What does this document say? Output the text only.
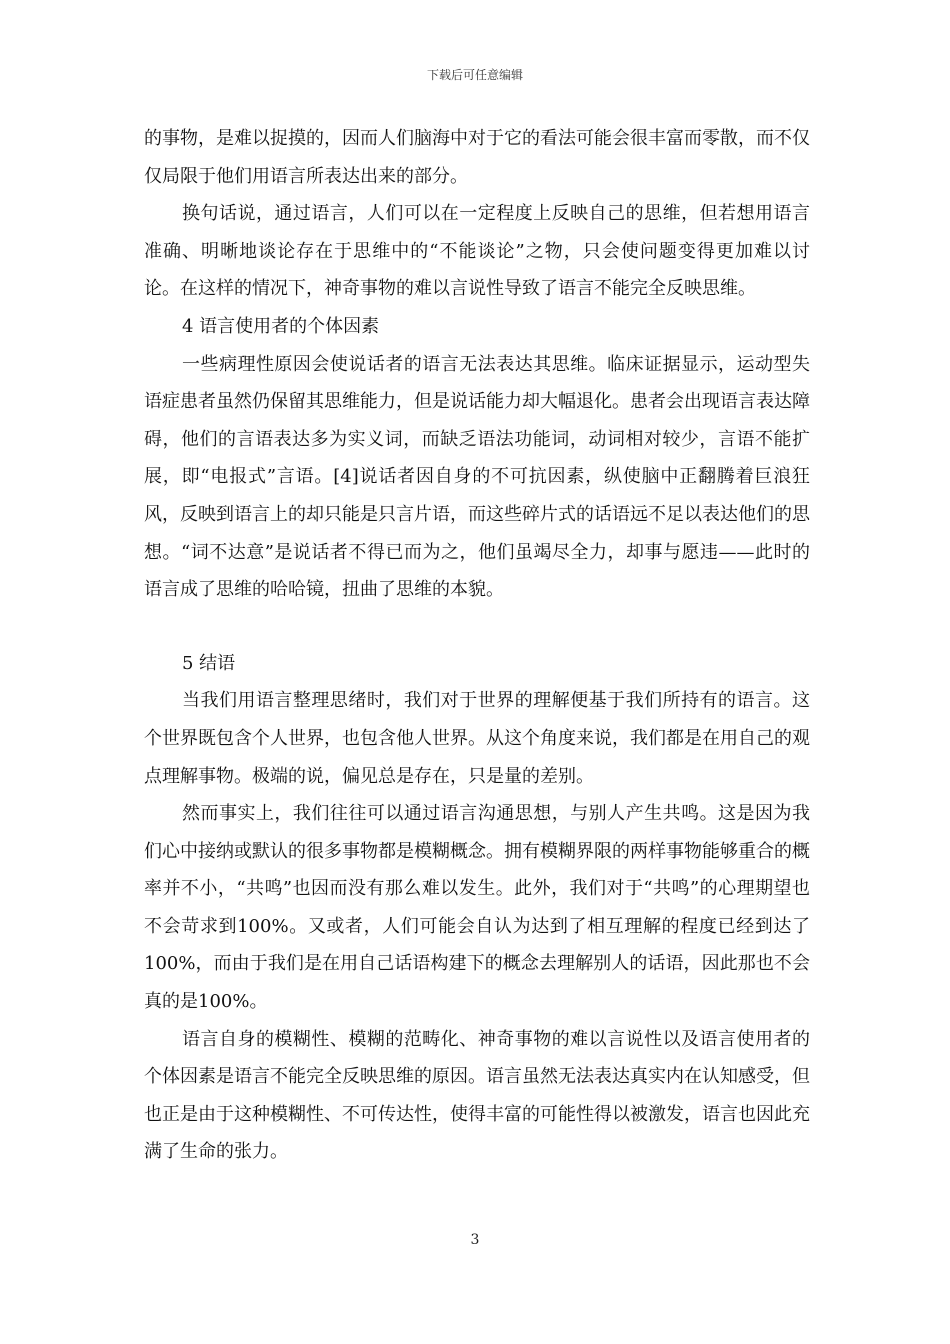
下载后可任意编辑

的事物，是难以捉摸的，因而人们脑海中对于它的看法可能会很丰富而零散，而不仅仅局限于他们用语言所表达出来的部分。

换句话说，通过语言，人们可以在一定程度上反映自己的思维，但若想用语言准确、明晰地谈论存在于思维中的“不能谈论”之物，只会使问题变得更加难以讨论。在这样的情况下，神奇事物的难以言说性导致了语言不能完全反映思维。

4 语言使用者的个体因素

一些病理性原因会使说话者的语言无法表达其思维。临床证据显示，运动型失语症患者虽然仍保留其思维能力，但是说话能力却大幅退化。患者会出现语言表达障碍，他们的言语表达多为实义词，而缺乏语法功能词，动词相对较少，言语不能扩展，即“电报式”言语。[4]说话者因自身的不可抗因素，纵使脑中正翻腾着巨浪狂风，反映到语言上的却只能是只言片语，而这些碎片式的话语远不足以表达他们的思想。“词不达意”是说话者不得已而为之，他们虽竭尽全力，却事与愿违——此时的语言成了思维的哈哈镜，扭曲了思维的本貌。

5 结语

当我们用语言整理思绪时，我们对于世界的理解便基于我们所持有的语言。这个世界既包含个人世界，也包含他人世界。从这个角度来说，我们都是在用自己的观点理解事物。极端的说，偏见总是存在，只是量的差别。

然而事实上，我们往往可以通过语言沟通思想，与别人产生共鸣。这是因为我们心中接纳或默认的很多事物都是模糊概念。拥有模糊界限的两样事物能够重合的概率并不小，“共鸣”也因而没有那么难以发生。此外，我们对于“共鸣”的心理期望也不会苛求到100%。又或者，人们可能会自认为达到了相互理解的程度已经到达了100%，而由于我们是在用自己话语构建下的概念去理解别人的话语，因此那也不会真的是100%。

语言自身的模糊性、模糊的范畴化、神奇事物的难以言说性以及语言使用者的个体因素是语言不能完全反映思维的原因。语言虽然无法表达真实内在认知感受，但也正是由于这种模糊性、不可传达性，使得丰富的可能性得以被激发，语言也因此充满了生命的张力。

3
